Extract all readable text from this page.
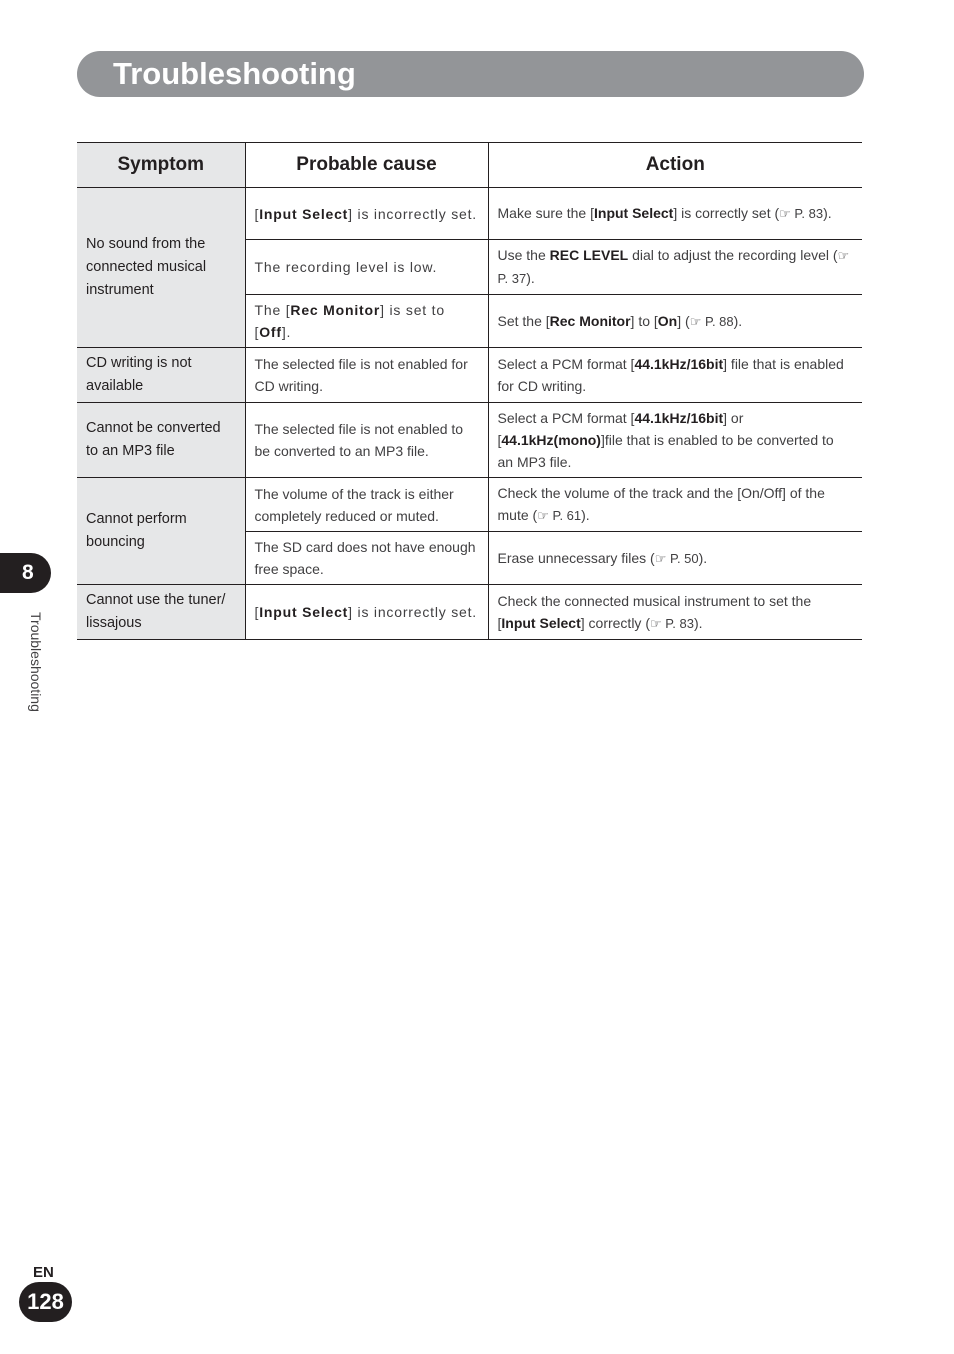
Troubleshooting
Symptom	Probable cause	Action
No sound from the connected musical instrument	[Input Select] is incorrectly set.	Make sure the [Input Select] is correctly set (☞ P. 83).
	The recording level is low.	Use the REC LEVEL dial to adjust the recording level (☞ P. 37).
	The [Rec Monitor] is set to [Off].	Set the [Rec Monitor] to [On] (☞ P. 88).
CD writing is not available	The selected file is not enabled for CD writing.	Select a PCM format [44.1kHz/16bit] file that is enabled for CD writing.
Cannot be converted to an MP3 file	The selected file is not enabled to be converted to an MP3 file.	Select a PCM format [44.1kHz/16bit] or [44.1kHz(mono)]file that is enabled to be converted to an MP3 file.
Cannot perform bouncing	The volume of the track is either completely reduced or muted.	Check the volume of the track and the [On/Off] of the mute (☞ P. 61).
	The SD card does not have enough free space.	Erase unnecessary files (☞ P. 50).
Cannot use the tuner/ lissajous	[Input Select] is incorrectly set.	Check the connected musical instrument to set the [Input Select] correctly (☞ P. 83).
8
Troubleshooting
EN
128
